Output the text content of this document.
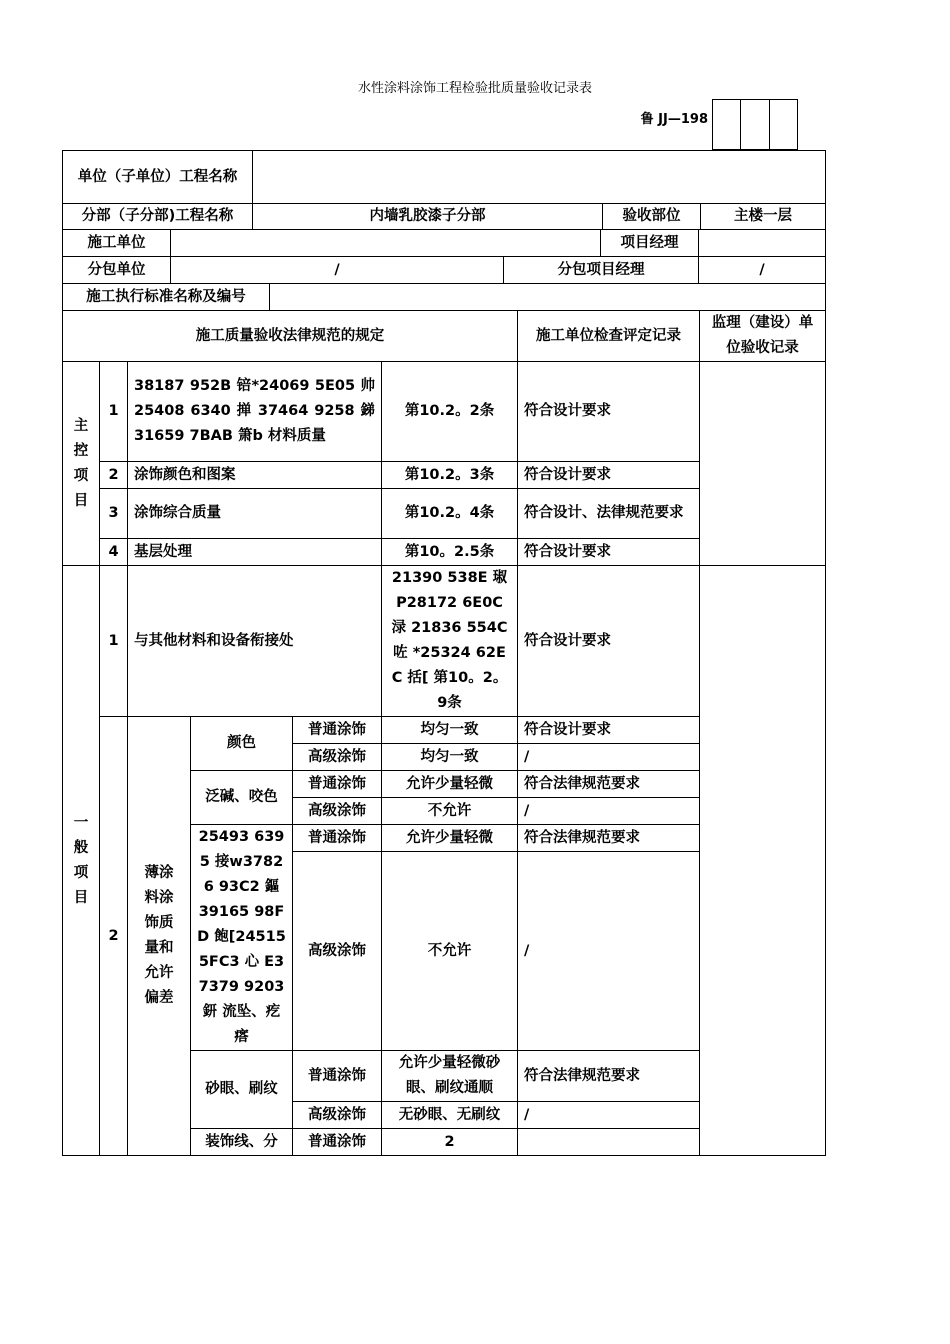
水性涂料涂饰工程检验批质量验收记录表
鲁 JJ—198

单位（子单位）工程名称			
分部（子分部)工程名称	内墙乳胶漆子分部	验收部位	主楼一层
施工单位			项目经理	
分包单位	/	分包项目经理		/
施工执行标准名称及编号	
施工质量验收法律规范的规定						施工单位检查评定记录	监理（建设）单位验收记录
主控项目	1	38187 952B 锫*24069 5E05 帅 25408 6340 掸 37464 9258 銻 31659 7BAB 箫b 材料质量			第10.2。2条	符合设计要求	
	2	涂饰颜色和图案			第10.2。3条	符合设计要求	
	3	涂饰综合质量			第10.2。4条	符合设计、法律规范要求	
	4	基层处理			第10。2.5条	符合设计要求	
一般项目	1	与其他材料和设备衔接处			21390 538E 琡 P28172 6E0C 渌 21836 554C 咗 *25324 62EC 括[ 第10。2。9条	符合设计要求	
	2	薄涂料涂饰质量和允许偏差	颜色	普通涂饰	均匀一致	符合设计要求	
				高级涂饰	均匀一致	/	
			泛碱、咬色	普通涂饰	允许少量轻微	符合法律规范要求	
				高级涂饰	不允许	/	
			25493 6395 接w37826 93C2 鏂 39165 98FD 飽[24515 5FC3 心 E37379 9203 鈃 流坠、疙瘩	普通涂饰	允许少量轻微	符合法律规范要求	
				高级涂饰	不允许	/	
			砂眼、刷纹	普通涂饰	允许少量轻微砂眼、刷纹通顺	符合法律规范要求	
				高级涂饰	无砂眼、无刷纹	/	
			装饰线、分	普通涂饰	2		
